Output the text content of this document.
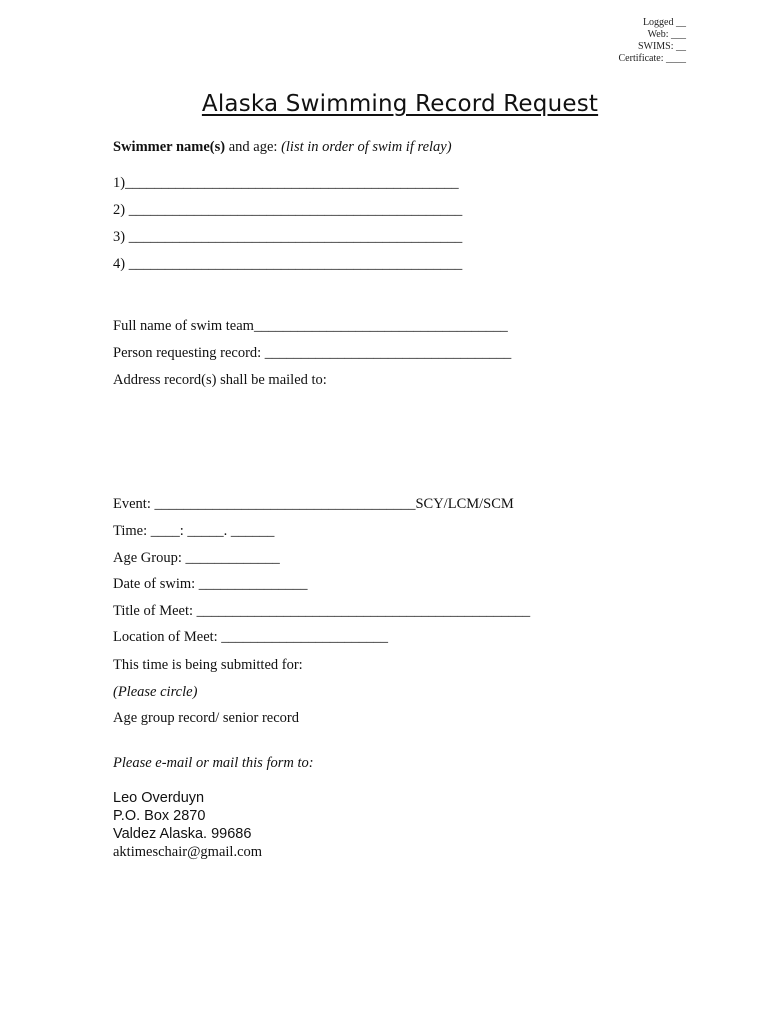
Logged __
Web: ___
SWIMS: __
Certificate: ____
Alaska Swimming Record Request
Swimmer name(s) and age: (list in order of swim if relay)
1)______________________________________________
2) ______________________________________________
3) ______________________________________________
4) ______________________________________________
Full name of swim team___________________________________
Person requesting record: __________________________________
Address record(s) shall be mailed to:
Event: ____________________________________SCY/LCM/SCM
Time: ____: _____. ______
Age Group: _____________
Date of swim: _______________
Title of Meet: ______________________________________________
Location of Meet: _______________________
This time is being submitted for:
(Please circle)
Age group record/ senior record
Please e-mail or mail this form to:
Leo Overduyn
P.O. Box 2870
Valdez Alaska. 99686
aktimeschair@gmail.com
